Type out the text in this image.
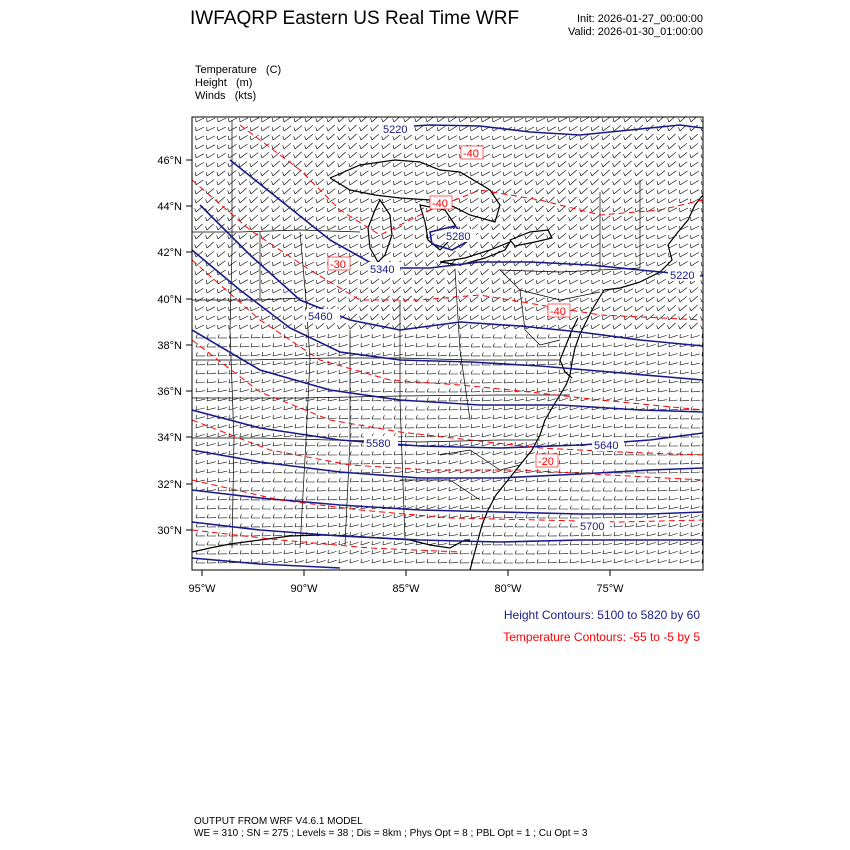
IWFAQRP Eastern US Real Time WRF	Init: 2026-01-27_00:00:00
Valid: 2026-01-30_01:00:00
Temperature   (C)
Height   (m)
Winds   (kts)
5220
5280
5340
5460
5580	5640
5700
5220
-40
-40
-30
-40
-20
46°N
44°N
42°N
40°N
38°N
36°N
34°N
32°N
30°N
95°W	90°W	85°W	80°W	75°W
Height Contours: 5100 to 5820 by 60
Temperature Contours: -55 to -5 by 5
OUTPUT FROM WRF V4.6.1 MODEL
WE = 310 ; SN = 275 ; Levels = 38 ; Dis = 8km ; Phys Opt = 8 ; PBL Opt = 1 ; Cu Opt = 3
